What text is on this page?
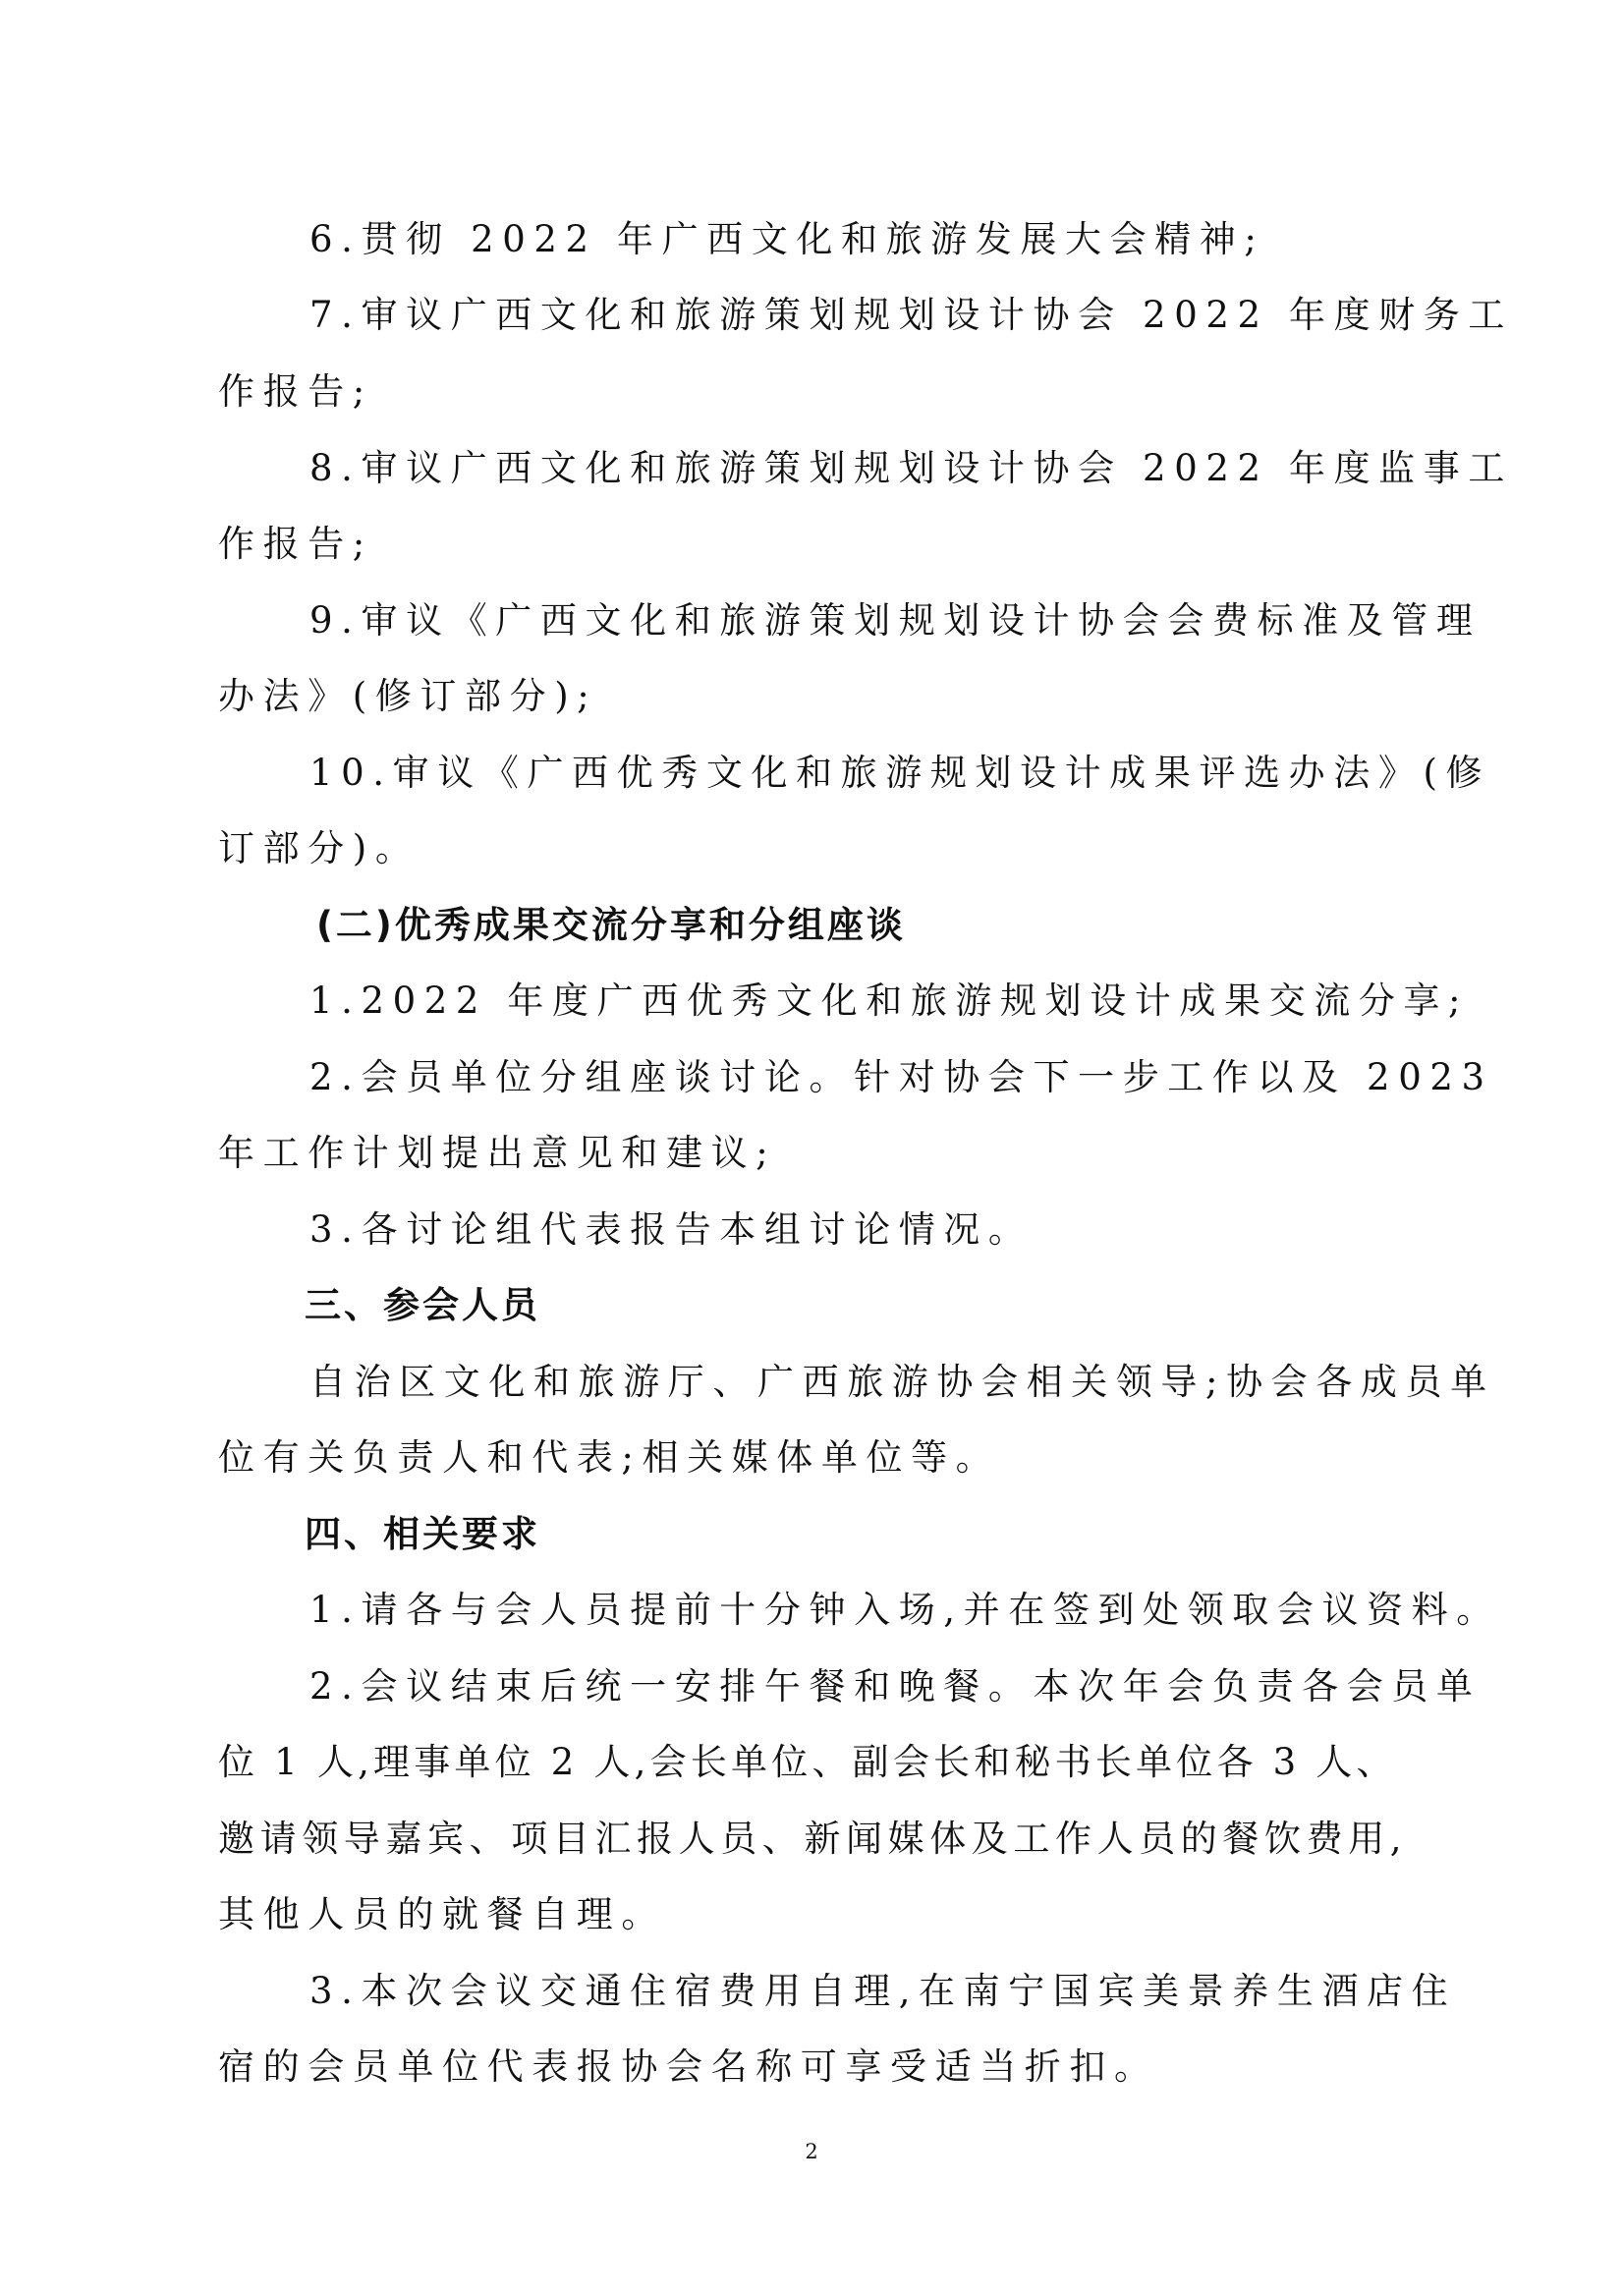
6.贯彻 2022 年广西文化和旅游发展大会精神;
7.审议广西文化和旅游策划规划设计协会 2022 年度财务工
作报告;
8.审议广西文化和旅游策划规划设计协会 2022 年度监事工
作报告;
9.审议《广西文化和旅游策划规划设计协会会费标准及管理
办法》(修订部分);
10.审议《广西优秀文化和旅游规划设计成果评选办法》(修
订部分)。
(二)优秀成果交流分享和分组座谈
1.2022 年度广西优秀文化和旅游规划设计成果交流分享;
2.会员单位分组座谈讨论。针对协会下一步工作以及 2023
年工作计划提出意见和建议;
3.各讨论组代表报告本组讨论情况。
三、参会人员
自治区文化和旅游厅、广西旅游协会相关领导;协会各成员单
位有关负责人和代表;相关媒体单位等。
四、相关要求
1.请各与会人员提前十分钟入场,并在签到处领取会议资料。
2.会议结束后统一安排午餐和晚餐。本次年会负责各会员单
位 1 人,理事单位 2 人,会长单位、副会长和秘书长单位各 3 人、
邀请领导嘉宾、项目汇报人员、新闻媒体及工作人员的餐饮费用,
其他人员的就餐自理。
3.本次会议交通住宿费用自理,在南宁国宾美景养生酒店住
宿的会员单位代表报协会名称可享受适当折扣。
2
